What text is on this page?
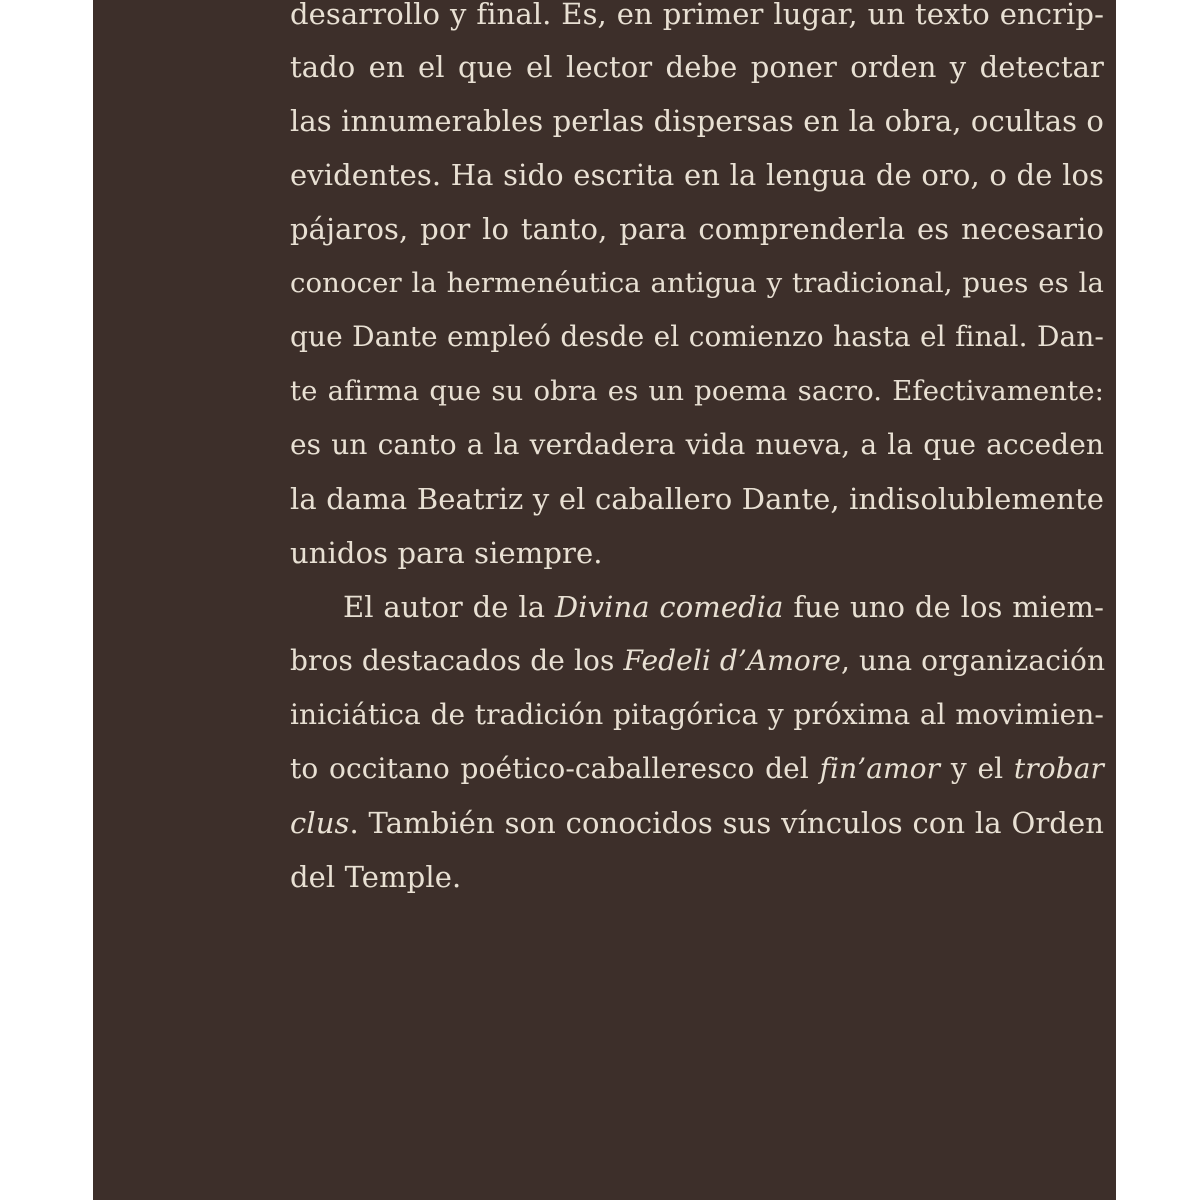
desarrollo y final. Es, en primer lugar, un texto encrip-
tado en el que el lector debe poner orden y detectar
las innumerables perlas dispersas en la obra, ocultas o
evidentes. Ha sido escrita en la lengua de oro, o de los
pájaros, por lo tanto, para comprenderla es necesario
conocer la hermenéutica antigua y tradicional, pues es la
que Dante empleó desde el comienzo hasta el final. Dan-
te afirma que su obra es un poema sacro. Efectivamente:
es un canto a la verdadera vida nueva, a la que acceden
la dama Beatriz y el caballero Dante, indisolublemente
unidos para siempre.
El autor de la Divina comedia fue uno de los miem-
bros destacados de los Fedeli d’Amore, una organización
iniciática de tradición pitagórica y próxima al movimien-
to occitano poético-caballeresco del fin’amor y el trobar
clus. También son conocidos sus vínculos con la Orden
del Temple.
